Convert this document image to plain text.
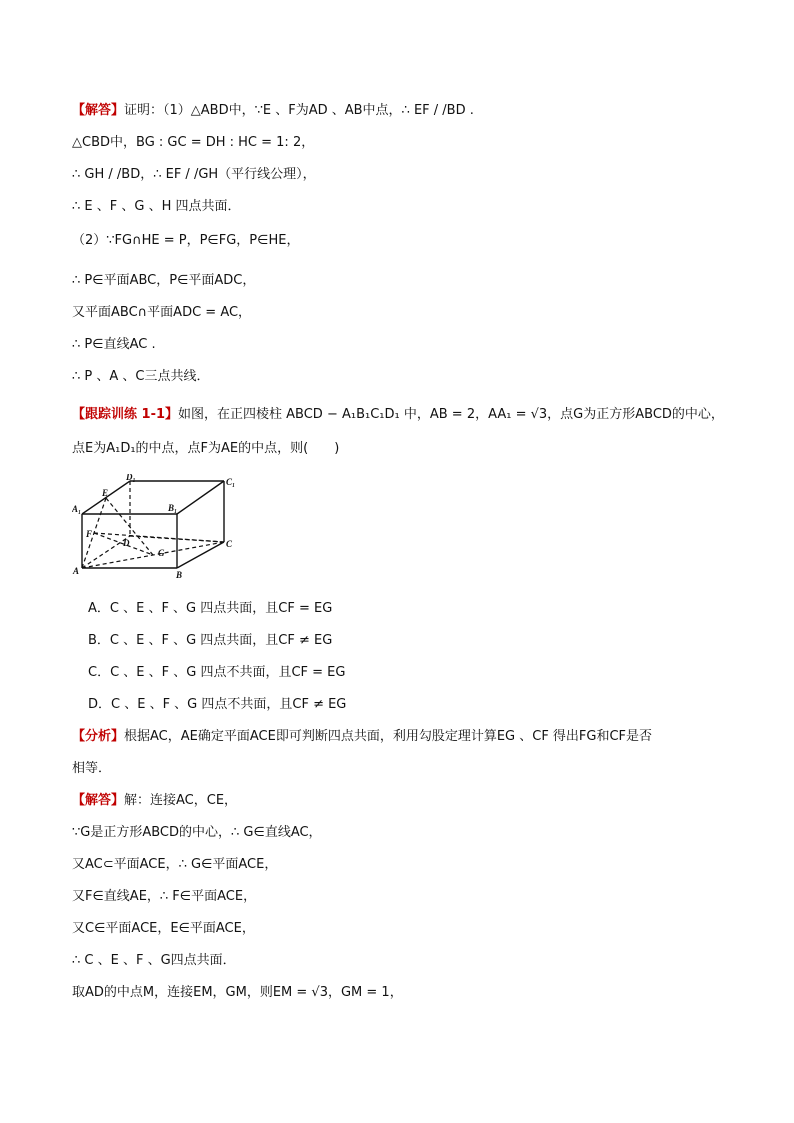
【解答】证明：（1）△ABD中，∵E 、F为AD 、AB中点，∴ EF / /BD .
△CBD中，BG : GC = DH : HC = 1: 2，
∴ GH / /BD，∴ EF / /GH（平行线公理），
∴ E 、F 、G 、H 四点共面．
（2）∵FG∩HE = P，P∈FG，P∈HE，
∴ P∈平面ABC，P∈平面ADC，
又平面ABC∩平面ADC = AC，
∴ P∈直线AC .
∴ P 、A 、C三点共线．
【跟踪训练 1-1】如图，在正四棱柱 ABCD − A₁B₁C₁D₁ 中，AB = 2，AA₁ = √3，点G为正方形ABCD的中心，
点E为A₁D₁的中点，点F为AE的中点，则(　　)
D₁
E
C₁
A₁	B₁
F
D
G
C
A	B
A．C 、E 、F 、G 四点共面，且CF = EG
B．C 、E 、F 、G 四点共面，且CF ≠ EG
C．C 、E 、F 、G 四点不共面，且CF = EG
D．C 、E 、F 、G 四点不共面，且CF ≠ EG
【分析】根据AC，AE确定平面ACE即可判断四点共面，利用勾股定理计算EG 、CF 得出FG和CF是否
相等．
【解答】解：连接AC，CE，
∵G是正方形ABCD的中心，∴ G∈直线AC，
又AC⊂平面ACE，∴ G∈平面ACE，
又F∈直线AE，∴ F∈平面ACE，
又C∈平面ACE，E∈平面ACE，
∴ C 、E 、F 、G四点共面．
取AD的中点M，连接EM，GM，则EM = √3，GM = 1，
